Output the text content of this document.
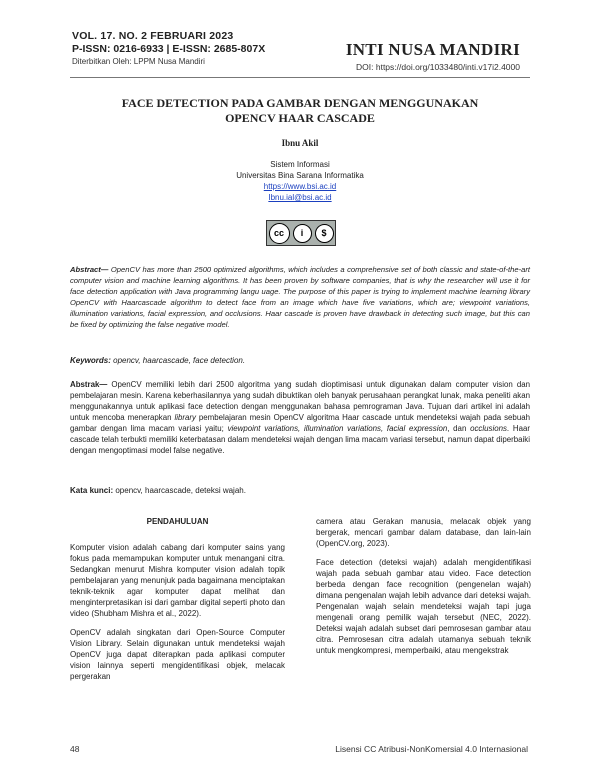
VOL. 17. NO. 2 FEBRUARI 2023
P-ISSN: 0216-6933 | E-ISSN: 2685-807X
Diterbitkan Oleh: LPPM Nusa Mandiri
INTI NUSA MANDIRI
DOI: https://doi.org/1033480/inti.v17i2.4000
FACE DETECTION PADA GAMBAR DENGAN MENGGUNAKAN
OPENCV HAAR CASCADE
Ibnu Akil
Sistem Informasi
Universitas Bina Sarana Informatika
https://www.bsi.ac.id
Ibnu.ial@bsi.ac.id
cc	i	$
Abstract— OpenCV has more than 2500 optimized algorithms, which includes a comprehensive set of both classic and state-of-the-art computer vision and machine learning algorithms. It has been proven by software companies, that is why the researcher will use it for face detection application with Java programming langu uage. The purpose of this paper is trying to implement machine learning library OpenCV with Haarcascade algorithm to detect face from an image which have five variations, which are; viewpoint variations, illumination variations, facial expression, and occlusions. Haar cascade is proven have drawback in detecting such image, but this can be fixed by optimizing the false negative model.
Keywords: opencv, haarcascade, face detection.
Abstrak— OpenCV memiliki lebih dari 2500 algoritma yang sudah dioptimisasi untuk digunakan dalam computer vision dan pembelajaran mesin. Karena keberhasilannya yang sudah dibuktikan oleh banyak perusahaan perangkat lunak, maka peneliti akan menggunakannya untuk aplikasi face detection dengan menggunakan bahasa pemrograman Java. Tujuan dari artikel ini adalah untuk mencoba menerapkan library pembelajaran mesin OpenCV algoritma Haar cascade untuk mendeteksi wajah pada sebuah gambar dengan lima macam variasi yaitu; viewpoint variations, illumination variations, facial expression, dan occlusions. Haar cascade telah terbukti memiliki keterbatasan dalam mendeteksi wajah dengan lima macam variasi tersebut, namun dapat diperbaiki dengan mengoptimasi model false negative.
Kata kunci: opencv, haarcascade, deteksi wajah.
PENDAHULUAN

Komputer vision adalah cabang dari komputer sains yang fokus pada memampukan komputer untuk menangani citra. Sedangkan menurut Mishra komputer vision adalah topik pembelajaran yang menunjuk pada bagaimana menciptakan teknik-teknik agar komputer dapat melihat dan menginterpretasikan isi dari gambar digital seperti photo dan video (Shubham Mishra et al., 2022).

OpenCV adalah singkatan dari Open-Source Computer Vision Library. Selain digunakan untuk mendeteksi wajah OpenCV juga dapat diterapkan pada aplikasi computer vision lainnya seperti mengidentifikasi objek, melacak pergerakan

camera atau Gerakan manusia, melacak objek yang bergerak, mencari gambar dalam database, dan lain-lain (OpenCV.org, 2023).

Face detection (deteksi wajah) adalah mengidentifikasi wajah pada sebuah gambar atau video. Face detection berbeda dengan face recognition (pengenelan wajah) dimana pengenalan wajah lebih advance dari deteksi wajah. Pengenalan wajah selain mendeteksi wajah tapi juga mengenali orang pemilik wajah tersebut (NEC, 2022). Deteksi wajah adalah subset dari pemrosesan gambar atau citra. Pemrosesan citra adalah utamanya sebuah teknik untuk mengkompresi, memperbaiki, atau mengekstrak

48	Lisensi CC Atribusi-NonKomersial 4.0 Internasional
